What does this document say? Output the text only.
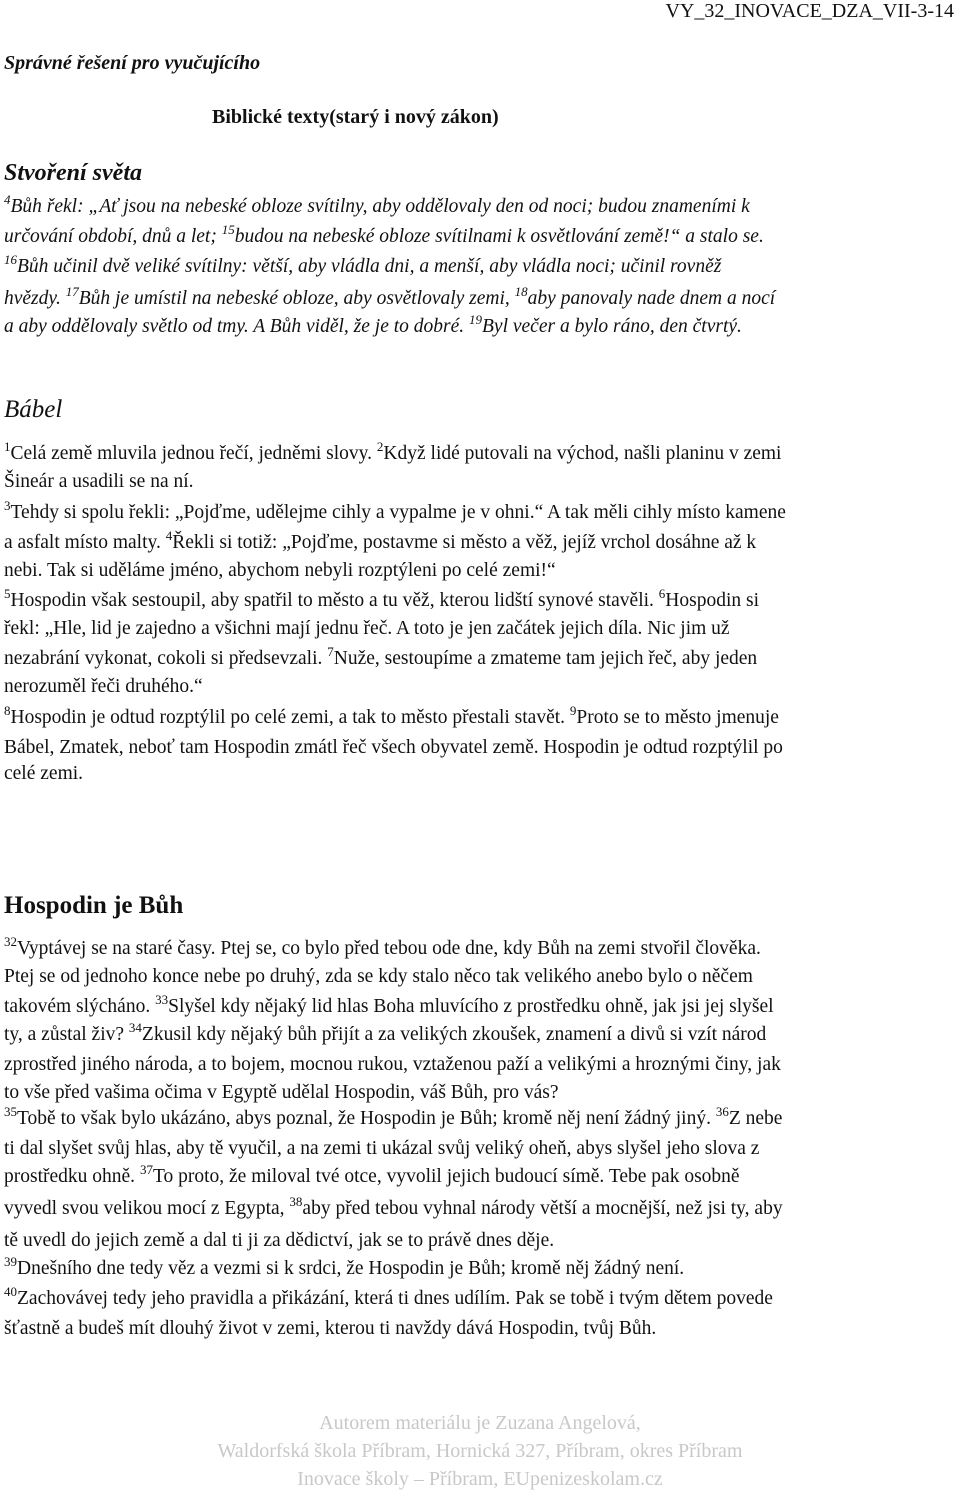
VY_32_INOVACE_DZA_VII-3-14
Správné řešení pro vyučujícího
Biblické texty(starý i nový zákon)
Stvoření světa
$^4$Bůh řekl: „Ať jsou na nebeské obloze svítilny, aby oddělovaly den od noci; budou znameními k
určování období, dnů a let; $^{15}$budou na nebeské obloze svítilnami k osvětlování země!“ a stalo se.
$^{16}$Bůh učinil dvě veliké svítilny: větší, aby vládla dni, a menší, aby vládla noci; učinil rovněž
hvězdy. $^{17}$Bůh je umístil na nebeské obloze, aby osvětlovaly zemi, $^{18}$aby panovaly nade dnem a nocí
a aby oddělovaly světlo od tmy. A Bůh viděl, že je to dobré. $^{19}$Byl večer a bylo ráno, den čtvrtý.
Bábel
$^1$Celá země mluvila jednou řečí, jedněmi slovy. $^2$Když lidé putovali na východ, našli planinu v zemi
Šineár a usadili se na ní.
$^3$Tehdy si spolu řekli: „Pojďme, udělejme cihly a vypalme je v ohni.“ A tak měli cihly místo kamene
a asfalt místo malty. $^4$Řekli si totiž: „Pojďme, postavme si město a věž, jejíž vrchol dosáhne až k
nebi. Tak si uděláme jméno, abychom nebyli rozptýleni po celé zemi!“
$^5$Hospodin však sestoupil, aby spatřil to město a tu věž, kterou lidští synové stavěli. $^6$Hospodin si
řekl: „Hle, lid je zajedno a všichni mají jednu řeč. A toto je jen začátek jejich díla. Nic jim už
nezabrání vykonat, cokoli si předsevzali. $^7$Nuže, sestoupíme a zmateme tam jejich řeč, aby jeden
nerozuměl řeči druhého.“
$^8$Hospodin je odtud rozptýlil po celé zemi, a tak to město přestali stavět. $^9$Proto se to město jmenuje
Bábel, Zmatek, neboť tam Hospodin zmátl řeč všech obyvatel země. Hospodin je odtud rozptýlil po
celé zemi.
Hospodin je Bůh
$^{32}$Vyptávej se na staré časy. Ptej se, co bylo před tebou ode dne, kdy Bůh na zemi stvořil člověka.
Ptej se od jednoho konce nebe po druhý, zda se kdy stalo něco tak velikého anebo bylo o něčem
takovém slýcháno. $^{33}$Slyšel kdy nějaký lid hlas Boha mluvícího z prostředku ohně, jak jsi jej slyšel
ty, a zůstal živ? $^{34}$Zkusil kdy nějaký bůh přijít a za velikých zkoušek, znamení a divů si vzít národ
zprostřed jiného národa, a to bojem, mocnou rukou, vztaženou paží a velikými a hroznými činy, jak
to vše před vašima očima v Egyptě udělal Hospodin, váš Bůh, pro vás?
$^{35}$Tobě to však bylo ukázáno, abys poznal, že Hospodin je Bůh; kromě něj není žádný jiný. $^{36}$Z nebe
ti dal slyšet svůj hlas, aby tě vyučil, a na zemi ti ukázal svůj veliký oheň, abys slyšel jeho slova z
prostředku ohně. $^{37}$To proto, že miloval tvé otce, vyvolil jejich budoucí símě. Tebe pak osobně
vyvedl svou velikou mocí z Egypta, $^{38}$aby před tebou vyhnal národy větší a mocnější, než jsi ty, aby
tě uvedl do jejich země a dal ti ji za dědictví, jak se to právě dnes děje.
$^{39}$Dnešního dne tedy věz a vezmi si k srdci, že Hospodin je Bůh; kromě něj žádný není.
$^{40}$Zachovávej tedy jeho pravidla a přikázání, která ti dnes udílím. Pak se tobě i tvým dětem povede
šťastně a budeš mít dlouhý život v zemi, kterou ti navždy dává Hospodin, tvůj Bůh.
Autorem materiálu je Zuzana Angelová,
Waldorfská škola Příbram, Hornická 327, Příbram, okres Příbram
Inovace školy – Příbram, EUpenizeskolam.cz
